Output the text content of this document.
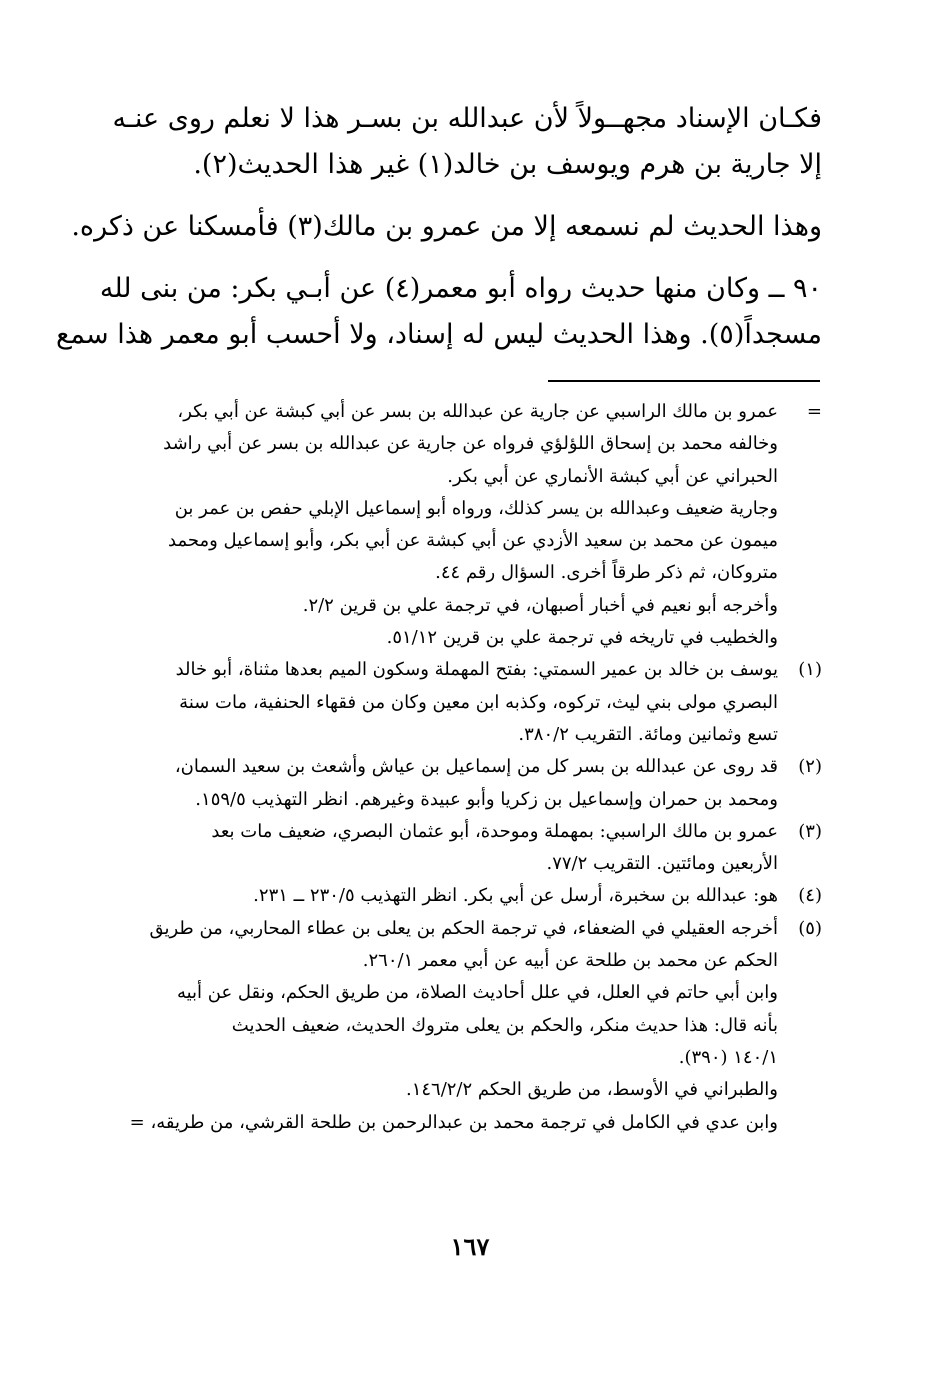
فكـان الإسناد مجهــولاً لأن عبدالله بن بسـر هذا لا نعلم روى عنـه
إلا جارية بن هرم ويوسف بن خالد(١) غير هذا الحديث(٢).
وهذا الحديث لم نسمعه إلا من عمرو بن مالك(٣) فأمسكنا عن ذكره.
٩٠ ــ وكان منها حديث رواه أبو معمر(٤) عن أبـي بكر: من بنى لله
مسجداً(٥). وهذا الحديث ليس له إسناد، ولا أحسب أبو معمر هذا سمع
=
عمرو بن مالك الراسبي عن جارية عن عبدالله بن بسر عن أبي كبشة عن أبي بكر،
وخالفه محمد بن إسحاق اللؤلؤي فرواه عن جارية عن عبدالله بن بسر عن أبي راشد
الحبراني عن أبي كبشة الأنماري عن أبي بكر.
وجارية ضعيف وعبدالله بن يسر كذلك، ورواه أبو إسماعيل الإبلي حفص بن عمر بن
ميمون عن محمد بن سعيد الأزدي عن أبي كبشة عن أبي بكر، وأبو إسماعيل ومحمد
متروكان، ثم ذكر طرقاً أخرى. السؤال رقم ٤٤.
وأخرجه أبو نعيم في أخبار أصبهان، في ترجمة علي بن قرين ٢/٢.
والخطيب في تاريخه في ترجمة علي بن قرين ٥١/١٢.
(١)
يوسف بن خالد بن عمير السمتي: بفتح المهملة وسكون الميم بعدها مثناة، أبو خالد
البصري مولى بني ليث، تركوه، وكذبه ابن معين وكان من فقهاء الحنفية، مات سنة
تسع وثمانين ومائة. التقريب ٣٨٠/٢.
(٢)
قد روى عن عبدالله بن بسر كل من إسماعيل بن عياش وأشعث بن سعيد السمان،
ومحمد بن حمران وإسماعيل بن زكريا وأبو عبيدة وغيرهم. انظر التهذيب ١٥٩/٥.
(٣)
عمرو بن مالك الراسبي: بمهملة وموحدة، أبو عثمان البصري، ضعيف مات بعد
الأربعين ومائتين. التقريب ٧٧/٢.
(٤)
هو: عبدالله بن سخبرة، أرسل عن أبي بكر. انظر التهذيب ٢٣٠/٥ ــ ٢٣١.
(٥)
أخرجه العقيلي في الضعفاء، في ترجمة الحكم بن يعلى بن عطاء المحاربي، من طريق
الحكم عن محمد بن طلحة عن أبيه عن أبي معمر ٢٦٠/١.
وابن أبي حاتم في العلل، في علل أحاديث الصلاة، من طريق الحكم، ونقل عن أبيه
بأنه قال: هذا حديث منكر، والحكم بن يعلى متروك الحديث، ضعيف الحديث
١٤٠/١ (٣٩٠).
والطبراني في الأوسط، من طريق الحكم ١٤٦/٢/٢.
وابن عدي في الكامل في ترجمة محمد بن عبدالرحمن بن طلحة القرشي، من طريقه، =
١٦٧
